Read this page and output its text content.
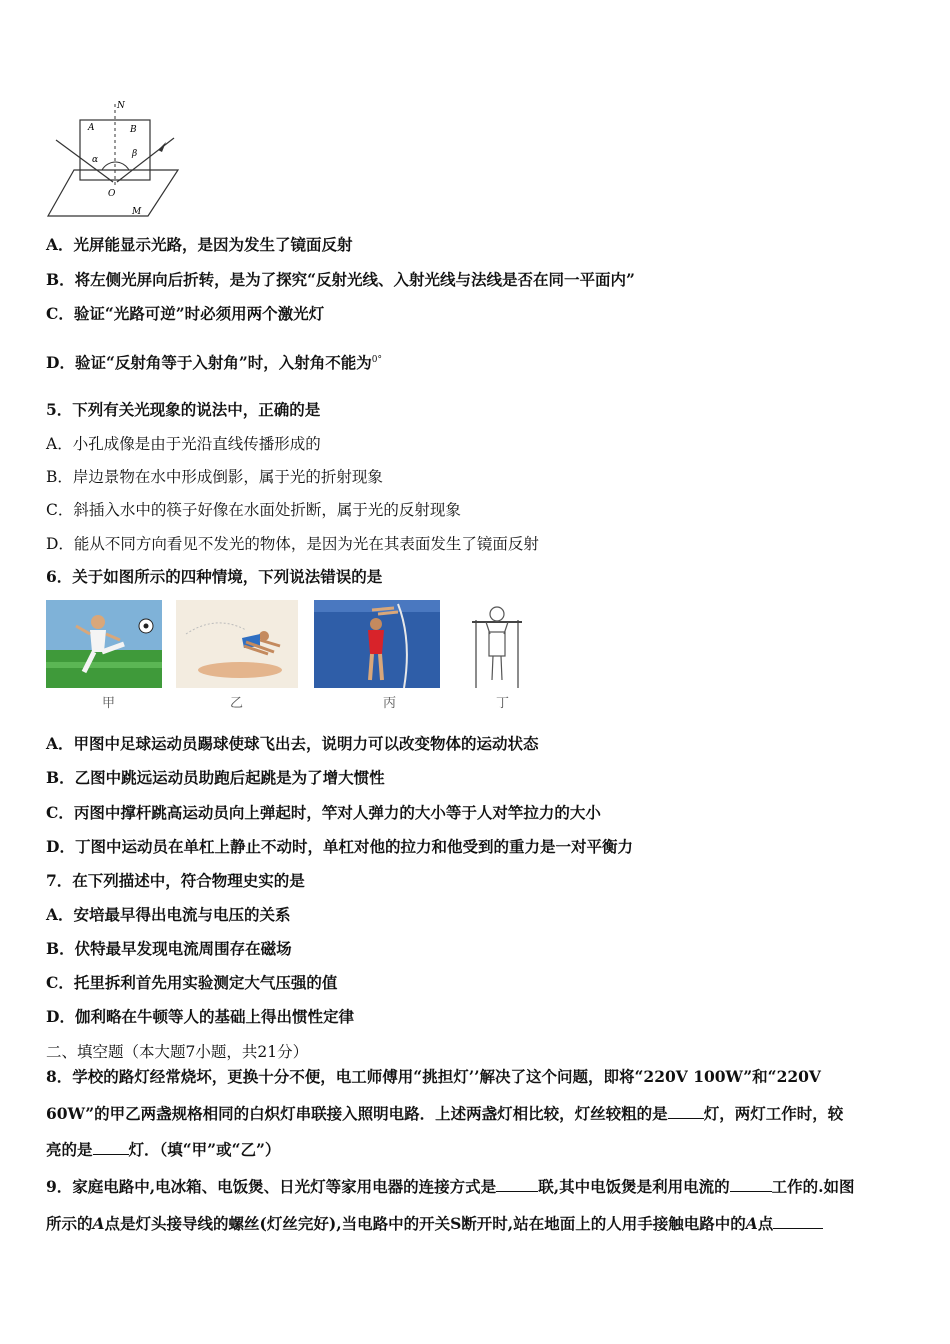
N
A	B
α
β
O
M
A．光屏能显示光路，是因为发生了镜面反射
B．将左侧光屏向后折转，是为了探究“反射光线、入射光线与法线是否在同一平面内”
C．验证“光路可逆”时必须用两个激光灯
D．验证“反射角等于入射角”时，入射角不能为$^{0^\circ}$
5．下列有关光现象的说法中，正确的是
A．小孔成像是由于光沿直线传播形成的
B．岸边景物在水中形成倒影，属于光的折射现象
C．斜插入水中的筷子好像在水面处折断，属于光的反射现象
D．能从不同方向看见不发光的物体，是因为光在其表面发生了镜面反射
6．关于如图所示的四种情境，下列说法错误的是
甲	乙	丙	丁
A．甲图中足球运动员踢球使球飞出去，说明力可以改变物体的运动状态
B．乙图中跳远运动员助跑后起跳是为了增大惯性
C．丙图中撑杆跳高运动员向上弹起时，竿对人弹力的大小等于人对竿拉力的大小
D．丁图中运动员在单杠上静止不动时，单杠对他的拉力和他受到的重力是一对平衡力
7．在下列描述中，符合物理史实的是
A．安培最早得出电流与电压的关系
B．伏特最早发现电流周围存在磁场
C．托里拆利首先用实验测定大气压强的值
D．伽利略在牛顿等人的基础上得出惯性定律
二、填空题（本大题7小题，共21分）
8．学校的路灯经常烧坏，更换十分不便，电工师傅用“挑担灯’’解决了这个问题，即将“220V 100W”和“220V
60W”的甲乙两盏规格相同的白炽灯串联接入照明电路．上述两盏灯相比较，灯丝较粗的是 灯，两灯工作时，较
亮的是 灯．（填“甲”或“乙”）
9．家庭电路中,电冰箱、电饭煲、日光灯等家用电器的连接方式是	联,其中电饭煲是利用电流的	工作的.如图
所示的A点是灯头接导线的螺丝(灯丝完好),当电路中的开关S断开时,站在地面上的人用手接触电路中的A点
